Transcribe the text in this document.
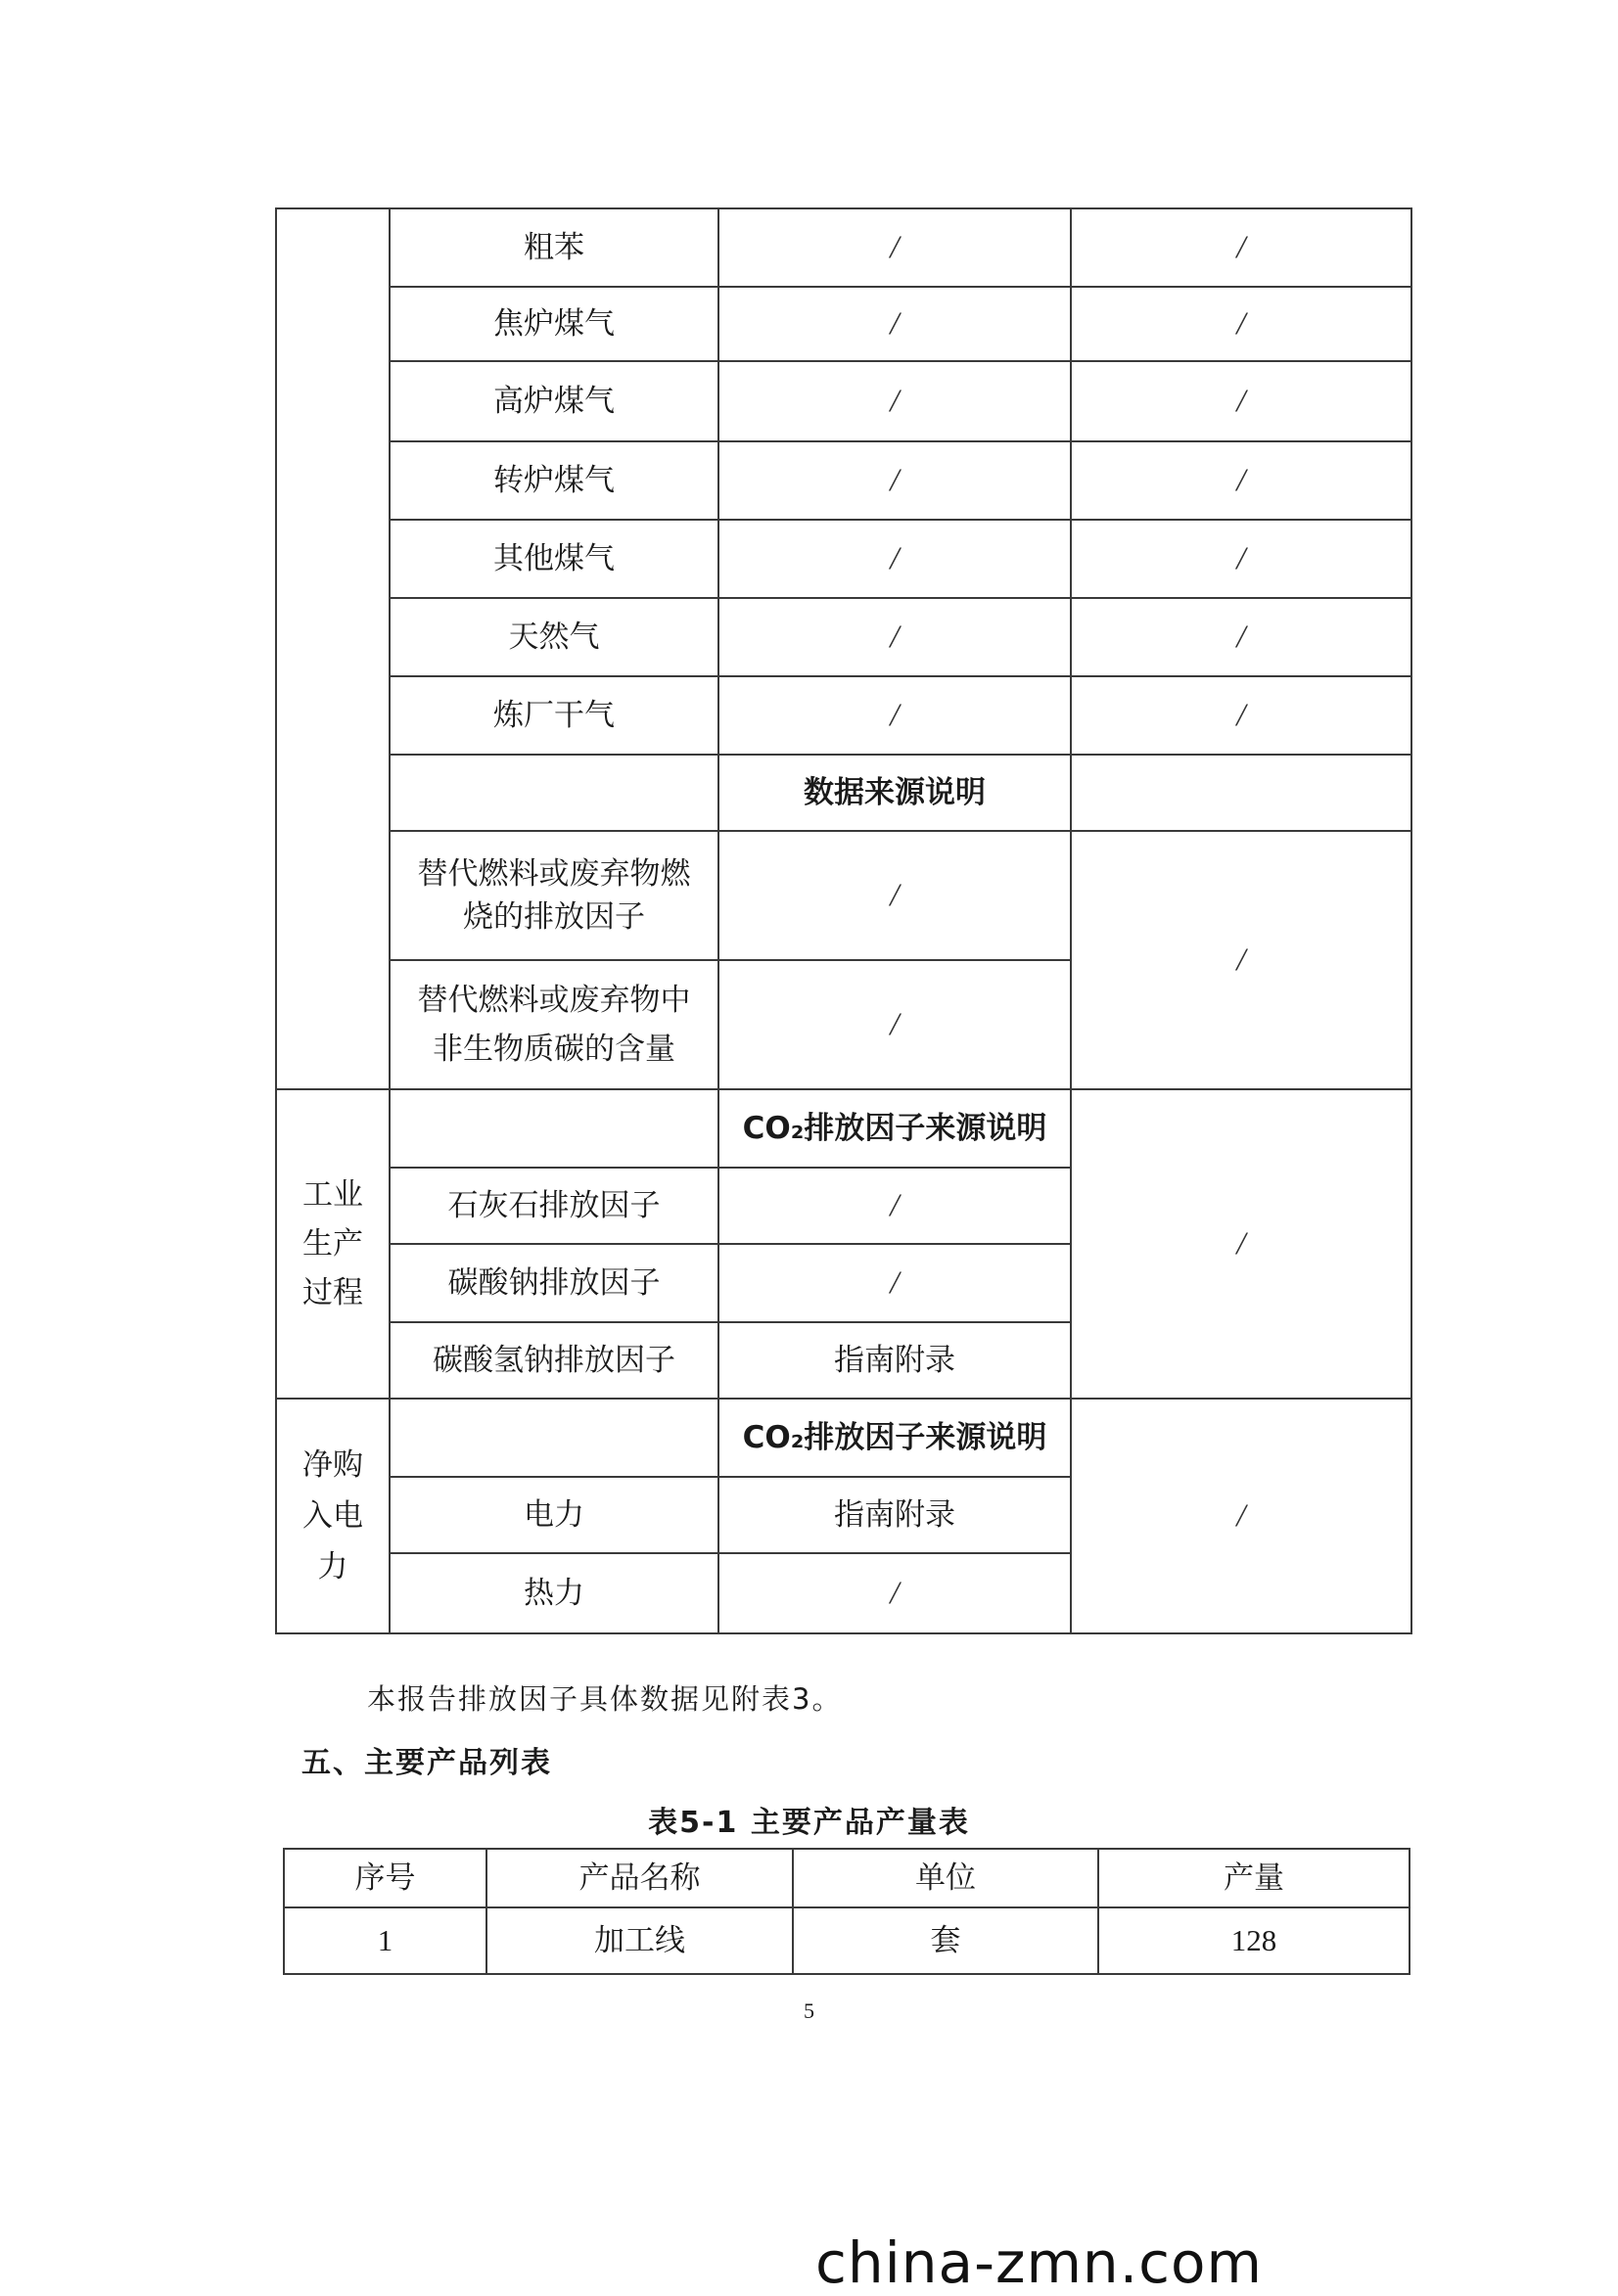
	粗苯	/	/
	焦炉煤气	/	/
	高炉煤气	/	/
	转炉煤气	/	/
	其他煤气	/	/
	天然气	/	/
	炼厂干气	/	/
		数据来源说明	
	替代燃料或废弃物燃烧的排放因子	/	/
	替代燃料或废弃物中非生物质碳的含量	/	
工业生产过程		CO₂排放因子来源说明	/
	石灰石排放因子	/	
	碳酸钠排放因子	/	
	碳酸氢钠排放因子	指南附录	
净购入电力		CO₂排放因子来源说明	/
	电力	指南附录	
	热力	/	
本报告排放因子具体数据见附表3。
五、主要产品列表
表5-1 主要产品产量表
序号	产品名称	单位	产量
1	加工线	套	128
5
china-zmn.com
